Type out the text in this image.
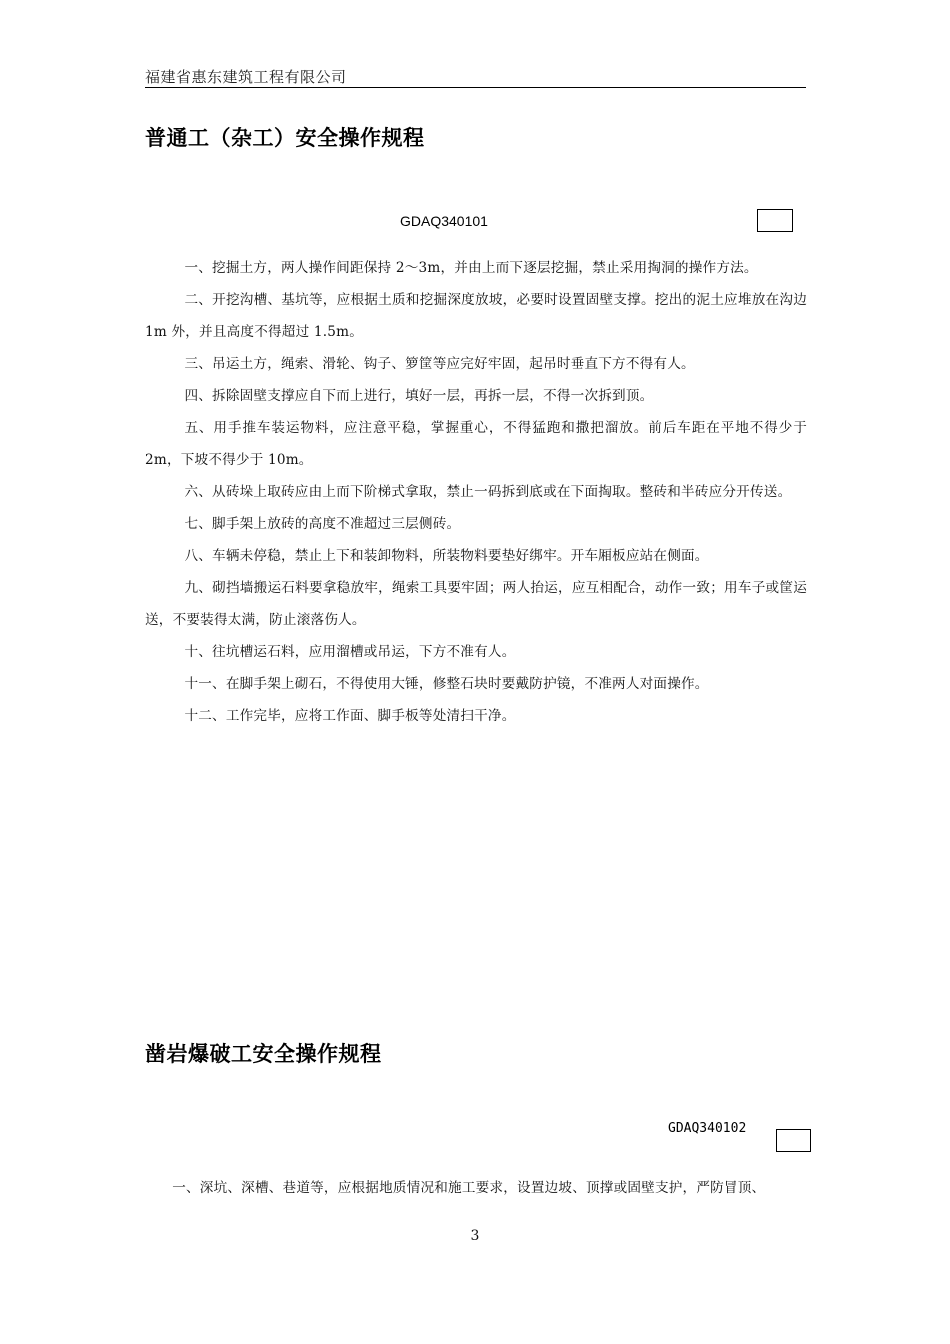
福建省惠东建筑工程有限公司
普通工（杂工）安全操作规程
GDAQ340101

一、挖掘土方，两人操作间距保持 2～3m，并由上而下逐层挖掘，禁止采用掏洞的操作方法。

二、开挖沟槽、基坑等，应根据土质和挖掘深度放坡，必要时设置固壁支撑。挖出的泥土应堆放在沟边 1m 外，并且高度不得超过 1.5m。

三、吊运土方，绳索、滑轮、钩子、箩筐等应完好牢固，起吊时垂直下方不得有人。

四、拆除固壁支撑应自下而上进行，填好一层，再拆一层，不得一次拆到顶。

五、用手推车装运物料，应注意平稳，掌握重心，不得猛跑和撒把溜放。前后车距在平地不得少于 2m，下坡不得少于 10m。

六、从砖垛上取砖应由上而下阶梯式拿取，禁止一码拆到底或在下面掏取。整砖和半砖应分开传送。

七、脚手架上放砖的高度不准超过三层侧砖。

八、车辆未停稳，禁止上下和装卸物料，所装物料要垫好绑牢。开车厢板应站在侧面。

九、砌挡墙搬运石料要拿稳放牢，绳索工具要牢固；两人抬运，应互相配合，动作一致；用车子或筐运送，不要装得太满，防止滚落伤人。

十、往坑槽运石料，应用溜槽或吊运，下方不准有人。

十一、在脚手架上砌石，不得使用大锤，修整石块时要戴防护镜，不准两人对面操作。

十二、工作完毕，应将工作面、脚手板等处清扫干净。

凿岩爆破工安全操作规程
GDAQ340102

一、深坑、深槽、巷道等，应根据地质情况和施工要求，设置边坡、顶撑或固壁支护，严防冒顶、

3
